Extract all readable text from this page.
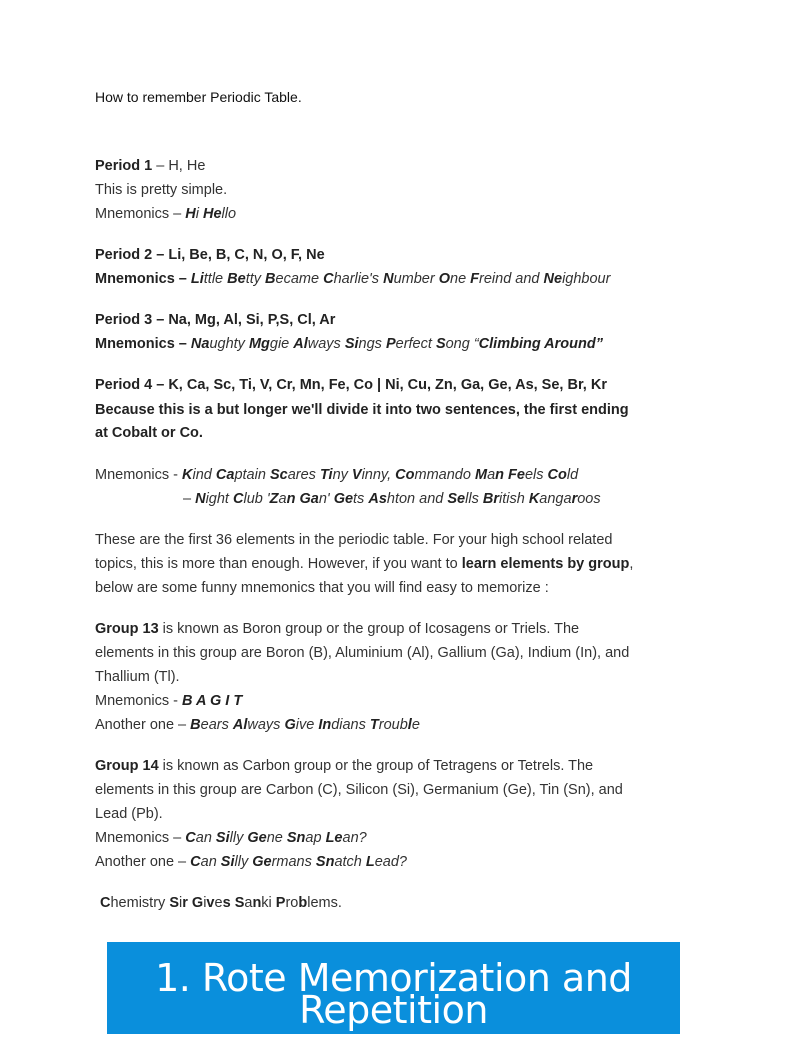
How to remember Periodic Table.
Period 1 – H, He
This is pretty simple.
Mnemonics – Hi Hello
Period 2 – Li, Be, B, C, N, O, F, Ne
Mnemonics – Little Betty Became Charlie's Number One Freind and Neighbour
Period 3 – Na, Mg, Al, Si, P,S, Cl, Ar
Mnemonics – Naughty Mggie Always Sings Perfect Song “Climbing Around”
Period 4 – K, Ca, Sc, Ti, V, Cr, Mn, Fe, Co | Ni, Cu, Zn, Ga, Ge, As, Se, Br, Kr
Because this is a but longer we'll divide it into two sentences, the first ending
at Cobalt or Co.
Mnemonics - Kind Captain Scares Tiny Vinny, Commando Man Feels Cold
– Night Club 'Zan Gan' Gets Ashton and Sells British Kangaroos
These are the first 36 elements in the periodic table. For your high school related
topics, this is more than enough. However, if you want to learn elements by group,
below are some funny mnemonics that you will find easy to memorize :
Group 13 is known as Boron group or the group of Icosagens or Triels. The
elements in this group are Boron (B), Aluminium (Al), Gallium (Ga), Indium (In), and
Thallium (Tl).
Mnemonics - B A G I T
Another one – Bears Always Give Indians Trouble
Group 14 is known as Carbon group or the group of Tetragens or Tetrels. The
elements in this group are Carbon (C), Silicon (Si), Germanium (Ge), Tin (Sn), and
Lead (Pb).
Mnemonics – Can Silly Gene Snap Lean?
Another one – Can Silly Germans Snatch Lead?
Chemistry Sir Gives Sanki Problems.
1. Rote Memorization and
Repetition
